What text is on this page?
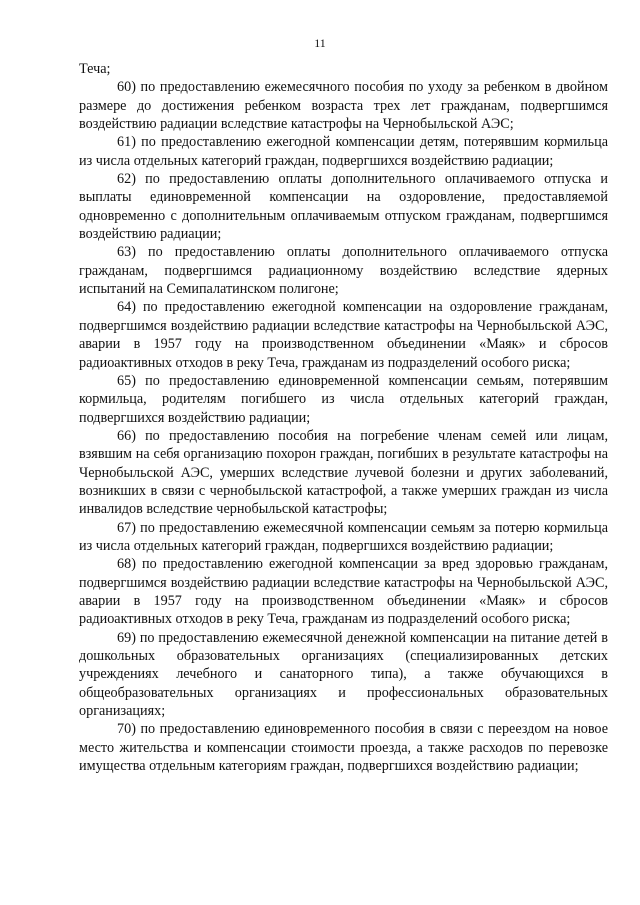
11

Теча;

60) по предоставлению ежемесячного пособия по уходу за ребенком в двойном размере до достижения ребенком возраста трех лет гражданам, подвергшимся воздействию радиации вследствие катастрофы на Чернобыльской АЭС;

61) по предоставлению ежегодной компенсации детям, потерявшим кормильца из числа отдельных категорий граждан, подвергшихся воздействию радиации;

62) по предоставлению оплаты дополнительного оплачиваемого отпуска и выплаты единовременной компенсации на оздоровление, предоставляемой одновременно с дополнительным оплачиваемым отпуском гражданам, подвергшимся воздействию радиации;

63) по предоставлению оплаты дополнительного оплачиваемого отпуска гражданам, подвергшимся радиационному воздействию вследствие ядерных испытаний на Семипалатинском полигоне;

64) по предоставлению ежегодной компенсации на оздоровление гражданам, подвергшимся воздействию радиации вследствие катастрофы на Чернобыльской АЭС, аварии в 1957 году на производственном объединении «Маяк» и сбросов радиоактивных отходов в реку Теча, гражданам из подразделений особого риска;

65) по предоставлению единовременной компенсации семьям, потерявшим кормильца, родителям погибшего из числа отдельных категорий граждан, подвергшихся воздействию радиации;

66) по предоставлению пособия на погребение членам семей или лицам, взявшим на себя организацию похорон граждан, погибших в результате катастрофы на Чернобыльской АЭС, умерших вследствие лучевой болезни и других заболеваний, возникших в связи с чернобыльской катастрофой, а также умерших граждан из числа инвалидов вследствие чернобыльской катастрофы;

67) по предоставлению ежемесячной компенсации семьям за потерю кормильца из числа отдельных категорий граждан, подвергшихся воздействию радиации;

68) по предоставлению ежегодной компенсации за вред здоровью гражданам, подвергшимся воздействию радиации вследствие катастрофы на Чернобыльской АЭС, аварии в 1957 году на производственном объединении «Маяк» и сбросов радиоактивных отходов в реку Теча, гражданам из подразделений особого риска;

69) по предоставлению ежемесячной денежной компенсации на питание детей в дошкольных образовательных организациях (специализированных детских учреждениях лечебного и санаторного типа), а также обучающихся в общеобразовательных организациях и профессиональных образовательных организациях;

70) по предоставлению единовременного пособия в связи с переездом на новое место жительства и компенсации стоимости проезда, а также расходов по перевозке имущества отдельным категориям граждан, подвергшихся воздействию радиации;
